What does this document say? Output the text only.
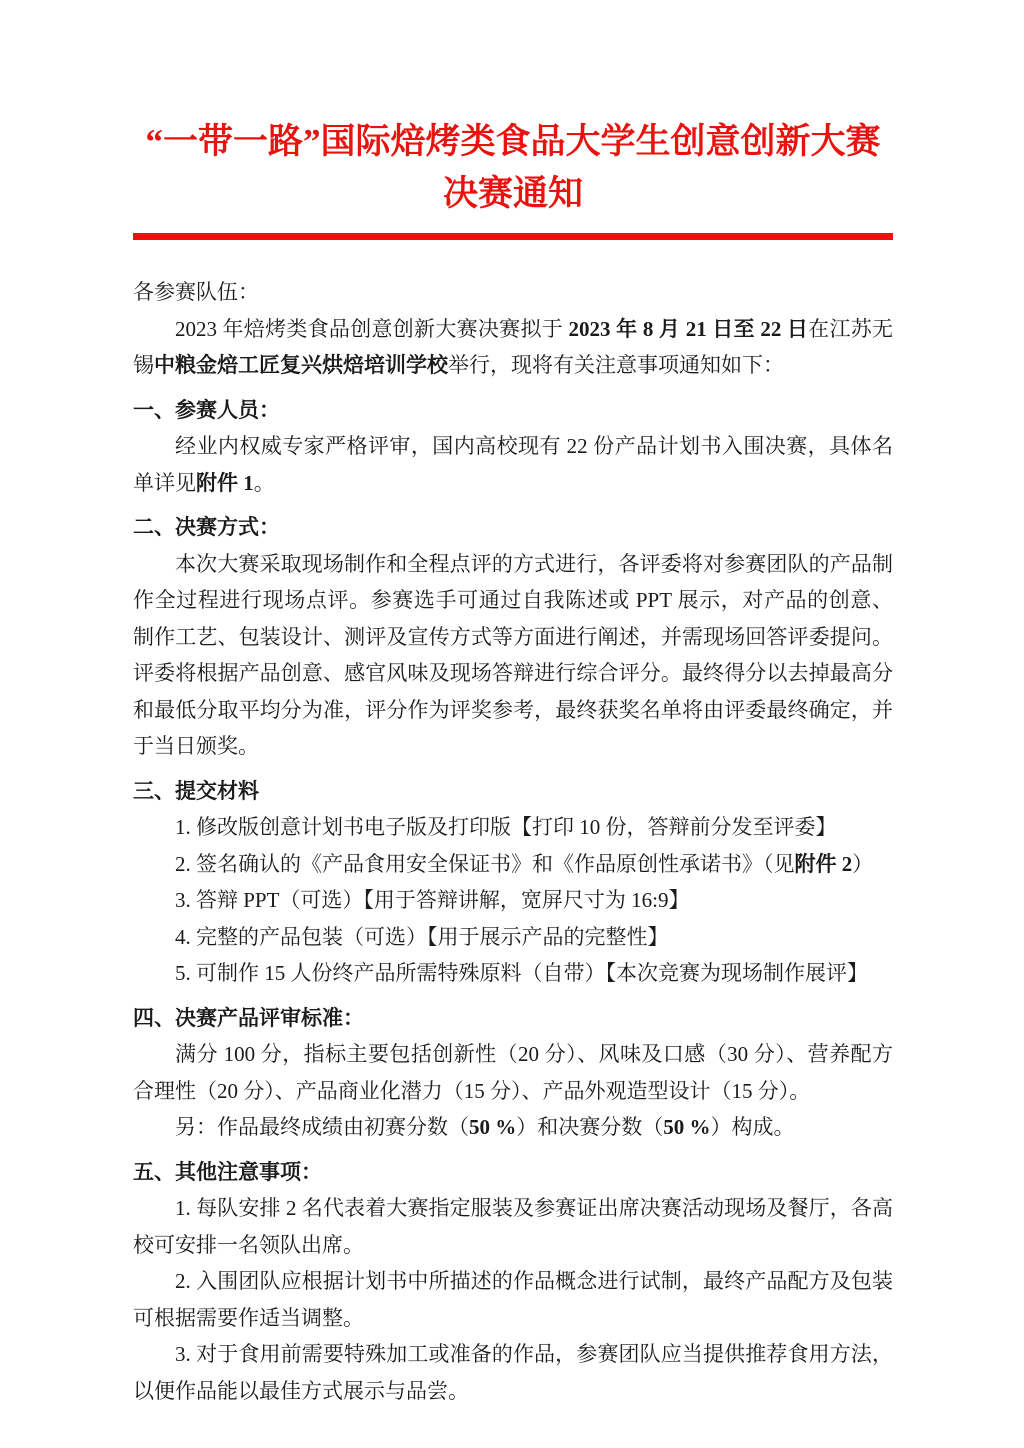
“一带一路”国际焙烤类食品大学生创意创新大赛
决赛通知

各参赛队伍：

2023 年焙烤类食品创意创新大赛决赛拟于 2023 年 8 月 21 日至 22 日在江苏无锡中粮金焙工匠复兴烘焙培训学校举行，现将有关注意事项通知如下：

一、参赛人员：

经业内权威专家严格评审，国内高校现有 22 份产品计划书入围决赛，具体名单详见附件 1。

二、决赛方式：

本次大赛采取现场制作和全程点评的方式进行，各评委将对参赛团队的产品制作全过程进行现场点评。参赛选手可通过自我陈述或 PPT 展示，对产品的创意、制作工艺、包装设计、测评及宣传方式等方面进行阐述，并需现场回答评委提问。评委将根据产品创意、感官风味及现场答辩进行综合评分。最终得分以去掉最高分和最低分取平均分为准，评分作为评奖参考，最终获奖名单将由评委最终确定，并于当日颁奖。

三、提交材料

1. 修改版创意计划书电子版及打印版【打印 10 份，答辩前分发至评委】

2. 签名确认的《产品食用安全保证书》和《作品原创性承诺书》（见附件 2）

3. 答辩 PPT（可选）【用于答辩讲解，宽屏尺寸为 16:9】

4. 完整的产品包装（可选）【用于展示产品的完整性】

5. 可制作 15 人份终产品所需特殊原料（自带）【本次竞赛为现场制作展评】

四、决赛产品评审标准：

满分 100 分，指标主要包括创新性（20 分）、风味及口感（30 分）、营养配方合理性（20 分）、产品商业化潜力（15 分）、产品外观造型设计（15 分）。

另：作品最终成绩由初赛分数（50 %）和决赛分数（50 %）构成。

五、其他注意事项：

1. 每队安排 2 名代表着大赛指定服装及参赛证出席决赛活动现场及餐厅，各高校可安排一名领队出席。

2. 入围团队应根据计划书中所描述的作品概念进行试制，最终产品配方及包装可根据需要作适当调整。

3. 对于食用前需要特殊加工或准备的作品，参赛团队应当提供推荐食用方法，以便作品能以最佳方式展示与品尝。
